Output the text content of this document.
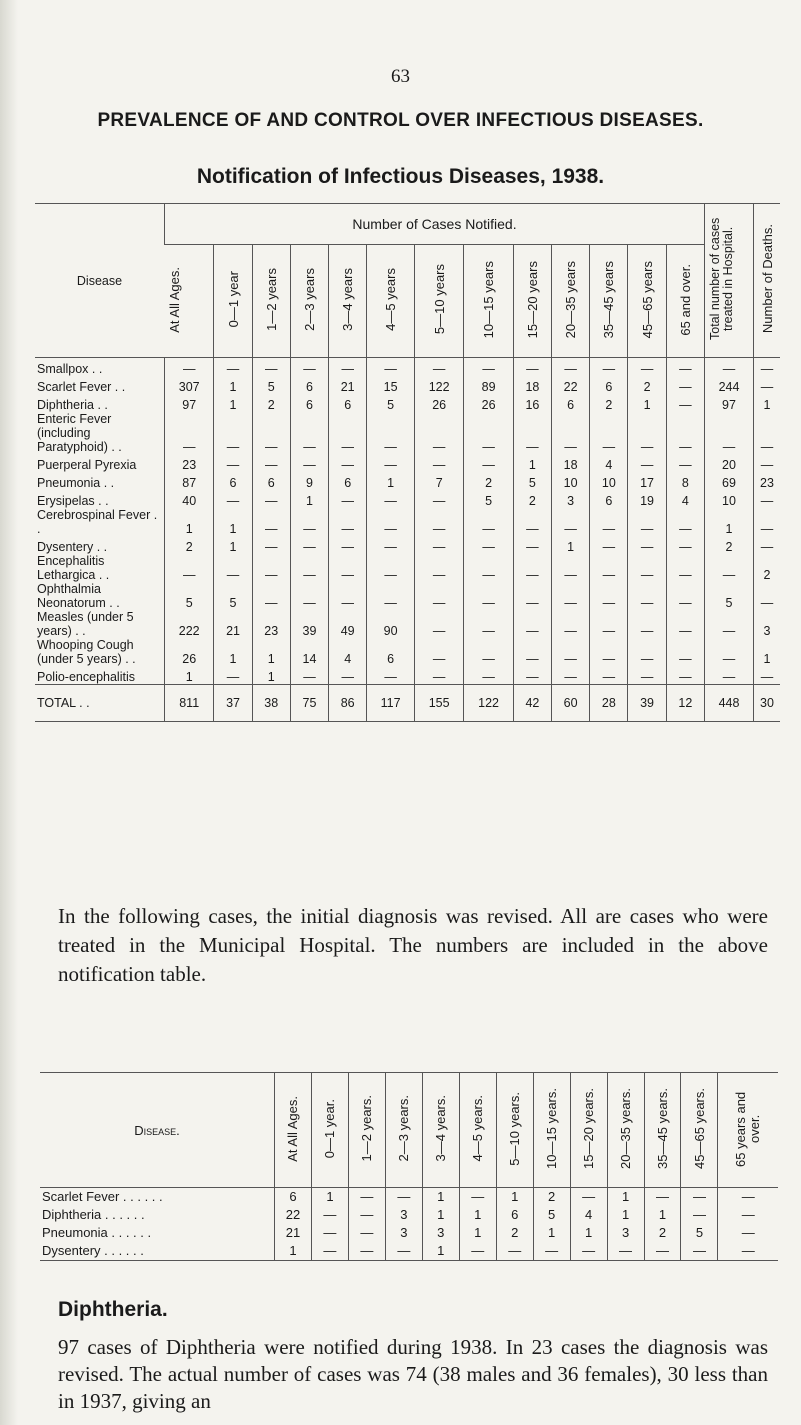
63
PREVALENCE OF AND CONTROL OVER INFECTIOUS DISEASES.
Notification of Infectious Diseases, 1938.
Disease	Number of Cases Notified.													Total number of cases treated in Hospital.	Number of Deaths.
	At All Ages.	0—1 year	1—2 years	2—3 years	3—4 years	4—5 years	5—10 years	10—15 years	15—20 years	20—35 years	35—45 years	45—65 years	65 and over.		
Smallpox . .	—	—	—	—	—	—	—	—	—	—	—	—	—	—	—
Scarlet Fever . .	307	1	5	6	21	15	122	89	18	22	6	2	—	244	—
Diphtheria . .	97	1	2	6	6	5	26	26	16	6	2	1	—	97	1
Enteric Fever (including Paratyphoid) . .	—	—	—	—	—	—	—	—	—	—	—	—	—	—	—
Puerperal Pyrexia	23	—	—	—	—	—	—	—	1	18	4	—	—	20	—
Pneumonia . .	87	6	6	9	6	1	7	2	5	10	10	17	8	69	23
Erysipelas . .	40	—	—	1	—	—	—	5	2	3	6	19	4	10	—
Cerebrospinal Fever . .	1	1	—	—	—	—	—	—	—	—	—	—	—	1	—
Dysentery . .	2	1	—	—	—	—	—	—	—	1	—	—	—	2	—
Encephalitis Lethargica . .	—	—	—	—	—	—	—	—	—	—	—	—	—	—	2
Ophthalmia Neonatorum . .	5	5	—	—	—	—	—	—	—	—	—	—	—	5	—
Measles (under 5 years) . .	222	21	23	39	49	90	—	—	—	—	—	—	—	—	3
Whooping Cough (under 5 years) . .	26	1	1	14	4	6	—	—	—	—	—	—	—	—	1
Polio-encephalitis	1	—	1	—	—	—	—	—	—	—	—	—	—	—	—
TOTAL . .	811	37	38	75	86	117	155	122	42	60	28	39	12	448	30
In the following cases, the initial diagnosis was revised. All are cases who were treated in the Municipal Hospital. The numbers are included in the above notification table.
Disease.	At All Ages.	0—1 year.	1—2 years.	2—3 years.	3—4 years.	4—5 years.	5—10 years.	10—15 years.	15—20 years.	20—35 years.	35—45 years.	45—65 years.	65 years and over.
Scarlet Fever . . . . . .	6	1	—	—	1	—	1	2	—	1	—	—	—
Diphtheria . . . . . .	22	—	—	3	1	1	6	5	4	1	1	—	—
Pneumonia . . . . . .	21	—	—	3	3	1	2	1	1	3	2	5	—
Dysentery . . . . . .	1	—	—	—	1	—	—	—	—	—	—	—	—
Diphtheria.
97 cases of Diphtheria were notified during 1938. In 23 cases the diagnosis was revised. The actual number of cases was 74 (38 males and 36 females), 30 less than in 1937, giving an
